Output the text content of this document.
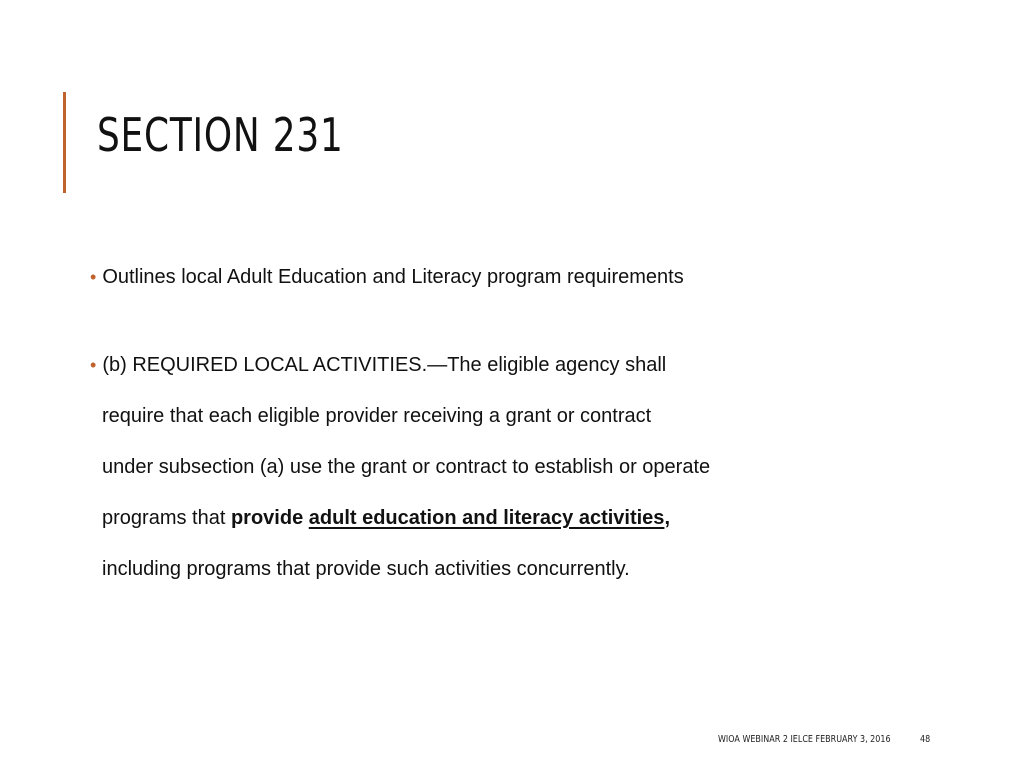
SECTION 231
• Outlines local Adult Education and Literacy program requirements
• (b) REQUIRED LOCAL ACTIVITIES.—The eligible agency shall
require that each eligible provider receiving a grant or contract
under subsection (a) use the grant or contract to establish or operate
programs that provide adult education and literacy activities,
including programs that provide such activities concurrently.
WIOA WEBINAR 2 IELCE FEBRUARY 3, 2016	48
